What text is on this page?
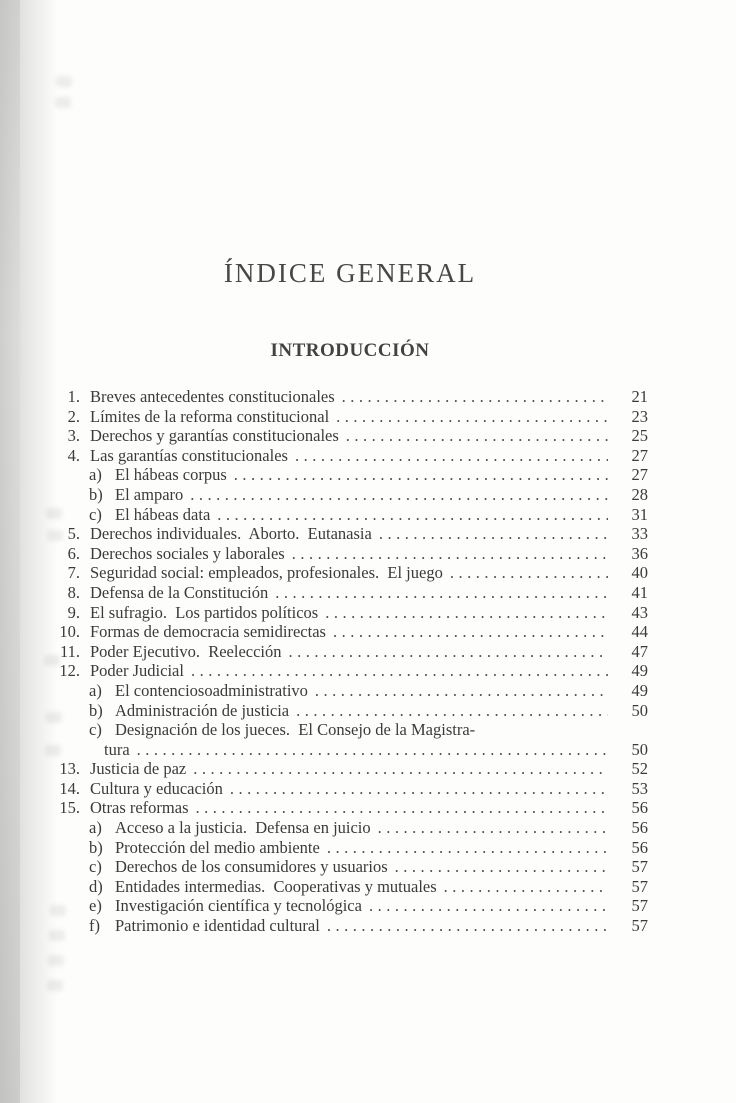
ÍNDICE GENERAL
INTRODUCCIÓN
1. Breves antecedentes constitucionales .....	21
2. Límites de la reforma constitucional .....	23
3. Derechos y garantías constitucionales .....	25
4. Las garantías constitucionales .....	27
a) El hábeas corpus .....	27
b) El amparo .....	28
c) El hábeas data .....	31
5. Derechos individuales.  Aborto.  Eutanasia .....	33
6. Derechos sociales y laborales .....	36
7. Seguridad social: empleados, profesionales.  El juego .....	40
8. Defensa de la Constitución .....	41
9. El sufragio.  Los partidos políticos .....	43
10. Formas de democracia semidirectas .....	44
11. Poder Ejecutivo.  Reelección .....	47
12. Poder Judicial .....	49
a) El contenciosoadministrativo .....	49
b) Administración de justicia .....	50
c) Designación de los jueces.  El Consejo de la Magistra-
tura .....	50
13. Justicia de paz .....	52
14. Cultura y educación .....	53
15. Otras reformas .....	56
a) Acceso a la justicia.  Defensa en juicio .....	56
b) Protección del medio ambiente .....	56
c) Derechos de los consumidores y usuarios .....	57
d) Entidades intermedias.  Cooperativas y mutuales .....	57
e) Investigación científica y tecnológica .....	57
f) Patrimonio e identidad cultural .....	57
